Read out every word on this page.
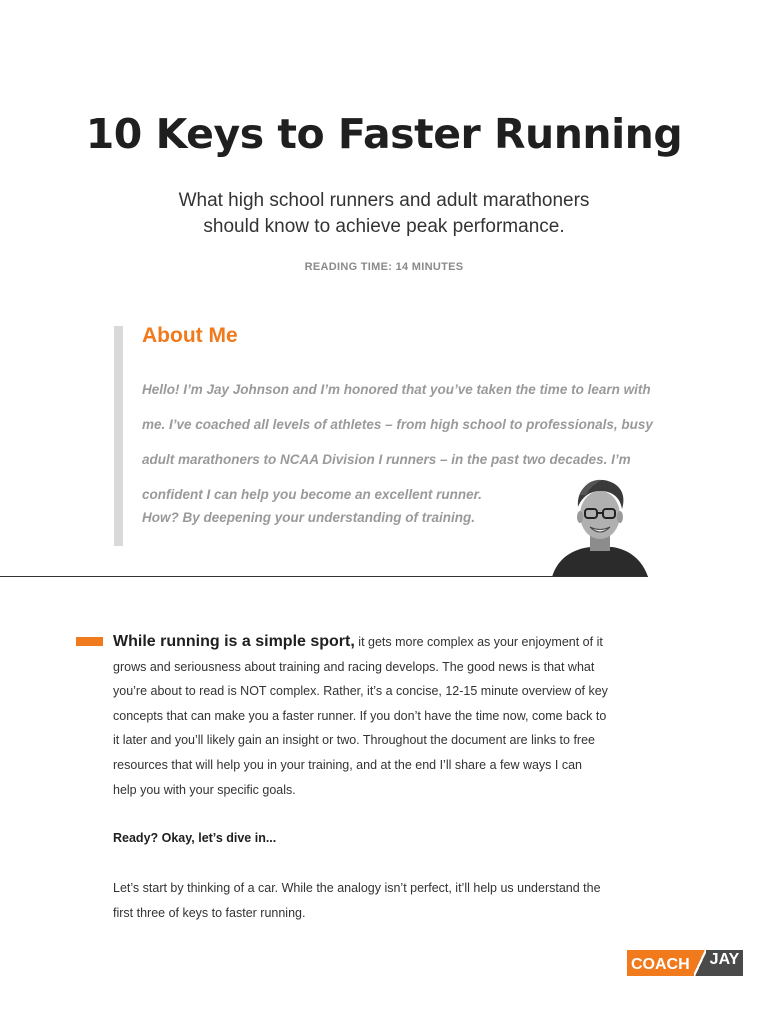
10 Keys to Faster Running
What high school runners and adult marathoners
should know to achieve peak performance.
READING TIME: 14 MINUTES
About Me

Hello! I’m Jay Johnson and I’m honored that you’ve taken the time to learn with

me. I’ve coached all levels of athletes – from high school to professionals, busy

adult marathoners to NCAA Division I runners – in the past two decades. I’m

confident I can help you become an excellent runner.

How? By deepening your understanding of training.

While running is a simple sport, it gets more complex as your enjoyment of it
grows and seriousness about training and racing develops. The good news is that what
you’re about to read is NOT complex. Rather, it’s a concise, 12-15 minute overview of key
concepts that can make you a faster runner. If you don’t have the time now, come back to
it later and you’ll likely gain an insight or two. Throughout the document are links to free
resources that will help you in your training, and at the end I’ll share a few ways I can
help you with your specific goals.
Ready? Okay, let’s dive in...
Let’s start by thinking of a car. While the analogy isn’t perfect, it’ll help us understand the
first three of keys to faster running.
COACH JAY
